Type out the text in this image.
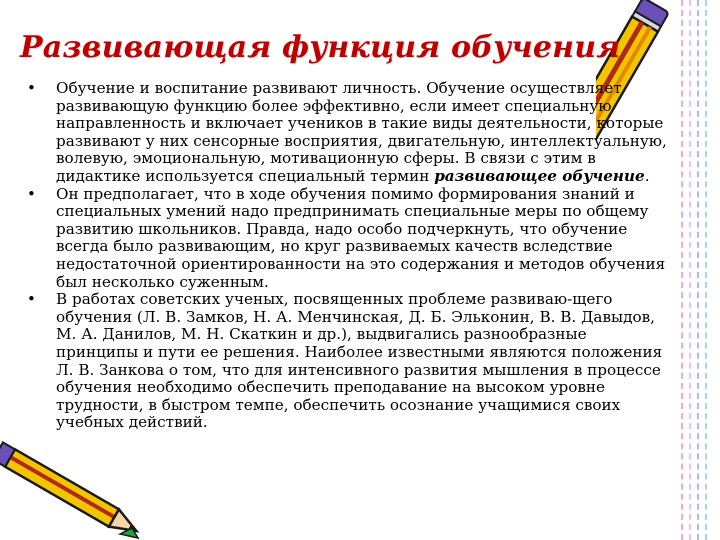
Развивающая функция обучения
• Обучение и воспитание развивают личность. Обучение осуществляет развивающую функцию более эффективно, если имеет специальную направленность и включает учеников в такие виды деятельности, которые развивают у них сенсорные восприятия, двигательную, интеллектуальную, волевую, эмоциональную, мотивационную сферы. В связи с этим в дидактике используется специальный термин развивающее обучение.
• Он предполагает, что в ходе обучения помимо формирования знаний и специальных умений надо предпринимать специальные меры по общему развитию школьников. Правда, надо особо подчеркнуть, что обучение всегда было развивающим, но круг развиваемых качеств вследствие недостаточной ориентированности на это содержания и методов обучения был несколько суженным.
• В работах советских ученых, посвященных проблеме развиваю-щего обучения (Л. В. Замков, Н. А. Менчинская, Д. Б. Эльконин, В. В. Давыдов, М. А. Данилов, М. Н. Скаткин и др.), выдвигались разнообразные принципы и пути ее решения. Наиболее известными являются положения Л. В. Занкова о том, что для интенсивного развития мышления в процессе обучения необходимо обеспечить преподавание на высоком уровне трудности, в быстром темпе, обеспечить осознание учащимися своих учебных действий.
